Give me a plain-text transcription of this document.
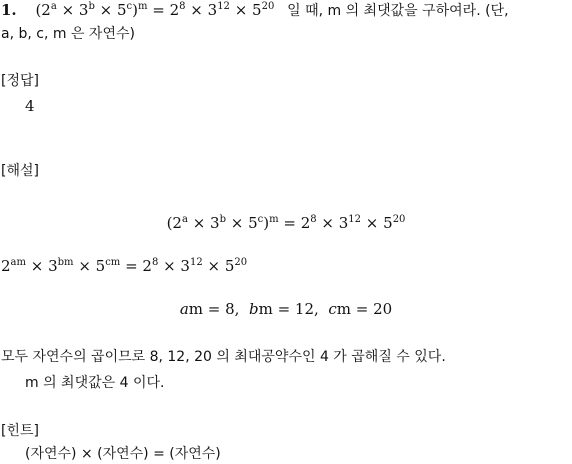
1. $(2^a \times 3^b \times 5^c)^m = 2^8 \times 3^{12} \times 5^{20}$ 일 때, m 의 최댓값을 구하여라. (단,
a, b, c, m 은 자연수)
[정답]
4
[해설]
$(2^a \times 3^b \times 5^c)^m = 2^8 \times 3^{12} \times 5^{20}$
$2^{am} \times 3^{bm} \times 5^{cm} = 2^8 \times 3^{12} \times 5^{20}$
am = 8,  bm = 12,  cm = 20
모두 자연수의 곱이므로 8, 12, 20 의 최대공약수인 4 가 곱해질 수 있다.
m 의 최댓값은 4 이다.
[힌트]
(자연수) × (자연수) = (자연수)
